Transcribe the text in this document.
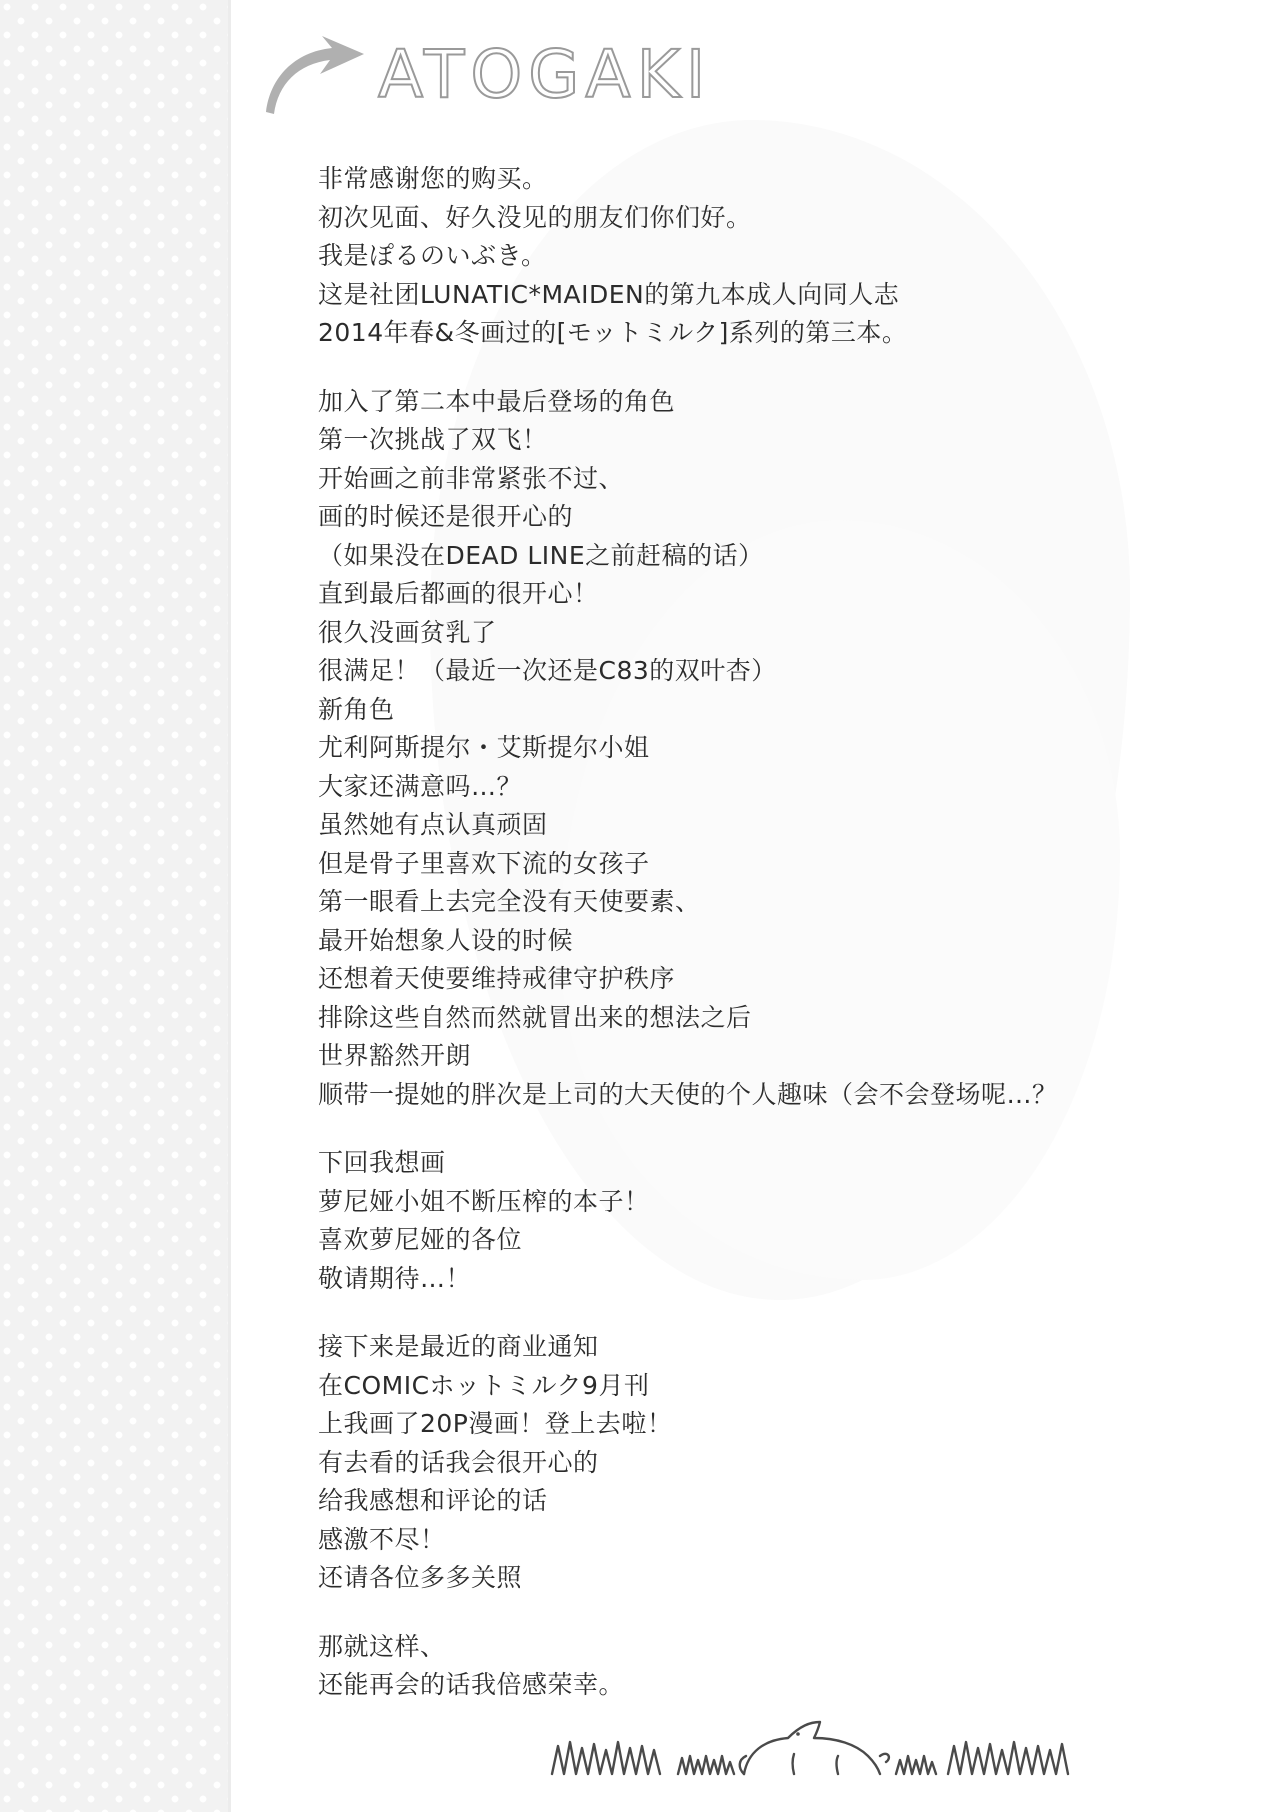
ATOGAKI
非常感谢您的购买。
初次见面、好久没见的朋友们你们好。
我是ぽるのいぶき。
这是社团LUNATIC*MAIDEN的第九本成人向同人志
2014年春&冬画过的[モットミルク]系列的第三本。
加入了第二本中最后登场的角色
第一次挑战了双飞！
开始画之前非常紧张不过、
画的时候还是很开心的
（如果没在DEAD LINE之前赶稿的话）
直到最后都画的很开心！
很久没画贫乳了
很满足！（最近一次还是C83的双叶杏）
新角色
尤利阿斯提尔・艾斯提尔小姐
大家还满意吗…？
虽然她有点认真顽固
但是骨子里喜欢下流的女孩子
第一眼看上去完全没有天使要素、
最开始想象人设的时候
还想着天使要维持戒律守护秩序
排除这些自然而然就冒出来的想法之后
世界豁然开朗
顺带一提她的胖次是上司的大天使的个人趣味（会不会登场呢…？
下回我想画
萝尼娅小姐不断压榨的本子！
喜欢萝尼娅的各位
敬请期待…！
接下来是最近的商业通知
在COMICホットミルク9月刊
上我画了20P漫画！登上去啦！
有去看的话我会很开心的
给我感想和评论的话
感激不尽！
还请各位多多关照
那就这样、
还能再会的话我倍感荣幸。
